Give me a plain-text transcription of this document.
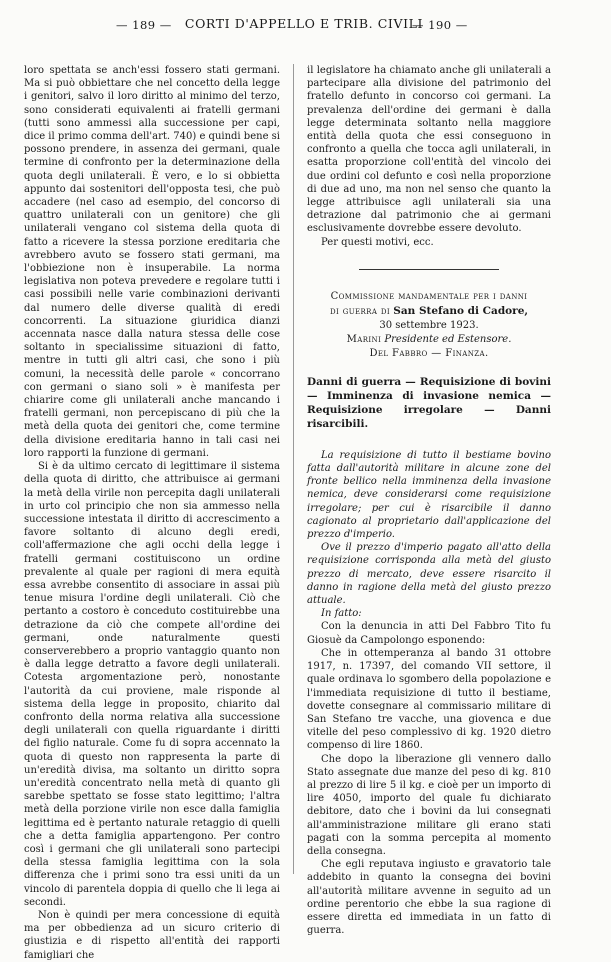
— 189 —	CORTI D'APPELLO E TRIB. CIVILI
— 190 —

loro spettata se anch'essi fossero stati germani. Ma si può obbiettare che nel concetto della legge i genitori, salvo il loro diritto al minimo del terzo, sono considerati equivalenti ai fratelli germani (tutti sono ammessi alla successione per capi, dice il primo comma dell'art. 740) e quindi bene si possono prendere, in assenza dei germani, quale termine di confronto per la determinazione della quota degli unilaterali. È vero, e lo si obbietta appunto dai sostenitori dell'opposta tesi, che può accadere (nel caso ad esempio, del concorso di quattro unilaterali con un genitore) che gli unilaterali vengano col sistema della quota di fatto a ricevere la stessa porzione ereditaria che avrebbero avuto se fossero stati germani, ma l'obbiezione non è insuperabile. La norma legislativa non poteva prevedere e regolare tutti i casi possibili nelle varie combinazioni derivanti dal numero delle diverse qualità di eredi concorrenti. La situazione giuridica dianzi accennata nasce dalla natura stessa delle cose soltanto in specialissime situazioni di fatto, mentre in tutti gli altri casi, che sono i più comuni, la necessità delle parole « concorrano con germani o siano soli » è manifesta per chiarire come gli unilaterali anche mancando i fratelli germani, non percepiscano di più che la metà della quota dei genitori che, come termine della divisione ereditaria hanno in tali casi nei loro rapporti la funzione di germani.

Si è da ultimo cercato di legittimare il sistema della quota di diritto, che attribuisce ai germani la metà della virile non percepita dagli unilaterali in urto col principio che non sia ammesso nella successione intestata il diritto di accrescimento a favore soltanto di alcuno degli eredi, coll'affermazione che agli occhi della legge i fratelli germani costituiscono un ordine prevalente al quale per ragioni di mera equità essa avrebbe consentito di associare in assai più tenue misura l'ordine degli unilaterali. Ciò che pertanto a costoro è conceduto costituirebbe una detrazione da ciò che compete all'ordine dei germani, onde naturalmente questi conserverebbero a proprio vantaggio quanto non è dalla legge detratto a favore degli unilaterali. Cotesta argomentazione però, nonostante l'autorità da cui proviene, male risponde al sistema della legge in proposito, chiarito dal confronto della norma relativa alla successione degli unilaterali con quella riguardante i diritti del figlio naturale. Come fu di sopra accennato la quota di questo non rappresenta la parte di un'eredità divisa, ma soltanto un diritto sopra un'eredità concentrato nella metà di quanto gli sarebbe spettato se fosse stato legittimo; l'altra metà della porzione virile non esce dalla famiglia legittima ed è pertanto naturale retaggio di quelli che a detta famiglia appartengono. Per contro così i germani che gli unilaterali sono partecipi della stessa famiglia legittima con la sola differenza che i primi sono tra essi uniti da un vincolo di parentela doppia di quello che li lega ai secondi.

Non è quindi per mera concessione di equità ma per obbedienza ad un sicuro criterio di giustizia e di rispetto all'entità dei rapporti famigliari che

il legislatore ha chiamato anche gli unilaterali a partecipare alla divisione del patrimonio del fratello defunto in concorso coi germani. La prevalenza dell'ordine dei germani è dalla legge determinata soltanto nella maggiore entità della quota che essi conseguono in confronto a quella che tocca agli unilaterali, in esatta proporzione coll'entità del vincolo dei due ordini col defunto e così nella proporzione di due ad uno, ma non nel senso che quanto la legge attribuisce agli unilaterali sia una detrazione dal patrimonio che ai germani esclusivamente dovrebbe essere devoluto.

Per questi motivi, ecc.

Commissione mandamentale per i danni
di guerra di San Stefano di Cadore,
30 settembre 1923.
Marini Presidente ed Estensore.
Del Fabbro — Finanza.
Danni di guerra — Requisizione di bovini — Imminenza di invasione nemica — Requisizione irregolare — Danni risarcibili.

La requisizione di tutto il bestiame bovino fatta dall'autorità militare in alcune zone del fronte bellico nella imminenza della invasione nemica, deve considerarsi come requisizione irregolare; per cui è risarcibile il danno cagionato al proprietario dall'applicazione del prezzo d'imperio.

Ove il prezzo d'imperio pagato all'atto della requisizione corrisponda alla metà del giusto prezzo di mercato, deve essere risarcito il danno in ragione della metà del giusto prezzo attuale.

In fatto:

Con la denuncia in atti Del Fabbro Tito fu Giosuè da Campolongo esponendo:

Che in ottemperanza al bando 31 ottobre 1917, n. 17397, del comando VII settore, il quale ordinava lo sgombero della popolazione e l'immediata requisizione di tutto il bestiame, dovette consegnare al commissario militare di San Stefano tre vacche, una giovenca e due vitelle del peso complessivo di kg. 1920 dietro compenso di lire 1860.

Che dopo la liberazione gli vennero dallo Stato assegnate due manze del peso di kg. 810 al prezzo di lire 5 il kg. e cioè per un importo di lire 4050, importo del quale fu dichiarato debitore, dato che i bovini da lui consegnati all'amministrazione militare gli erano stati pagati con la somma percepita al momento della consegna.

Che egli reputava ingiusto e gravatorio tale addebito in quanto la consegna dei bovini all'autorità militare avvenne in seguito ad un ordine perentorio che ebbe la sua ragione di essere diretta ed immediata in un fatto di guerra.
